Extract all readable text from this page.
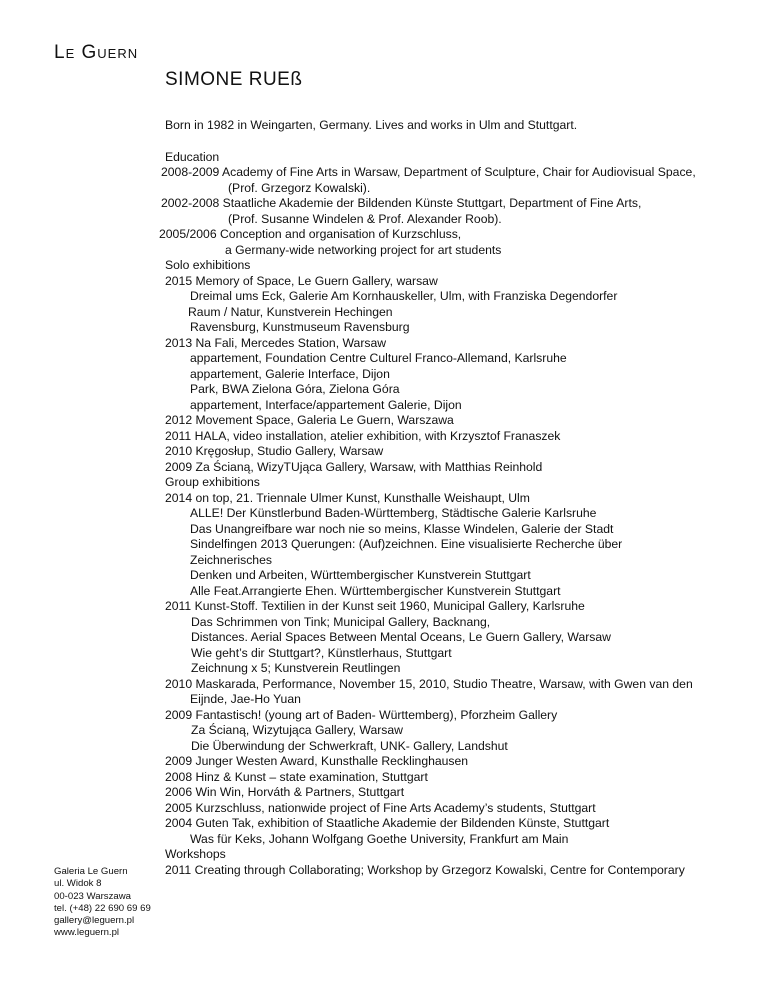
Le Guern
SIMONE RUEß

Born in 1982 in Weingarten, Germany. Lives and works in Ulm and Stuttgart.

Education
2008-2009 Academy of Fine Arts in Warsaw, Department of Sculpture, Chair for Audiovisual Space,
(Prof. Grzegorz Kowalski).
2002-2008 Staatliche Akademie der Bildenden Künste Stuttgart, Department of Fine Arts,
(Prof. Susanne Windelen & Prof. Alexander Roob).
2005/2006 Conception and organisation of Kurzschluss,
a Germany-wide networking project for art students
Solo exhibitions
2015 Memory of Space, Le Guern Gallery, warsaw
Dreimal ums Eck, Galerie Am Kornhauskeller, Ulm, with Franziska Degendorfer
Raum / Natur, Kunstverein Hechingen
Ravensburg, Kunstmuseum Ravensburg
2013 Na Fali, Mercedes Station, Warsaw
appartement, Foundation Centre Culturel Franco-Allemand, Karlsruhe
appartement, Galerie Interface, Dijon
Park, BWA Zielona Góra, Zielona Góra
appartement, Interface/appartement Galerie, Dijon
2012 Movement Space, Galeria Le Guern, Warszawa
2011 HALA, video installation, atelier exhibition, with Krzysztof Franaszek
2010 Kręgosłup, Studio Gallery, Warsaw
2009 Za Ścianą, WizyTUjąca Gallery, Warsaw, with Matthias Reinhold
Group exhibitions
2014 on top, 21. Triennale Ulmer Kunst, Kunsthalle Weishaupt, Ulm
ALLE! Der Künstlerbund Baden-Württemberg, Städtische Galerie Karlsruhe
Das Unangreifbare war noch nie so meins, Klasse Windelen, Galerie der Stadt
Sindelfingen 2013 Querungen: (Auf)zeichnen. Eine visualisierte Recherche über
Zeichnerisches
Denken und Arbeiten, Württembergischer Kunstverein Stuttgart
Alle Feat.Arrangierte Ehen. Württembergischer Kunstverein Stuttgart
2011 Kunst-Stoff. Textilien in der Kunst seit 1960, Municipal Gallery, Karlsruhe
Das Schrimmen von Tink; Municipal Gallery, Backnang,
Distances. Aerial Spaces Between Mental Oceans, Le Guern Gallery, Warsaw
Wie geht’s dir Stuttgart?, Künstlerhaus, Stuttgart
Zeichnung x 5; Kunstverein Reutlingen
2010 Maskarada, Performance, November 15, 2010, Studio Theatre, Warsaw, with Gwen van den
Eijnde, Jae-Ho Yuan
2009 Fantastisch! (young art of Baden- Württemberg), Pforzheim Gallery
Za Ścianą, Wizytująca Gallery, Warsaw
Die Überwindung der Schwerkraft, UNK- Gallery, Landshut
2009 Junger Westen Award, Kunsthalle Recklinghausen
2008 Hinz & Kunst – state examination, Stuttgart
2006 Win Win, Horváth & Partners, Stuttgart
2005 Kurzschluss, nationwide project of Fine Arts Academy’s students, Stuttgart
2004 Guten Tak, exhibition of Staatliche Akademie der Bildenden Künste, Stuttgart
Was für Keks, Johann Wolfgang Goethe University, Frankfurt am Main
Workshops
2011 Creating through Collaborating; Workshop by Grzegorz Kowalski, Centre for Contemporary
Galeria Le Guern
ul. Widok 8
00-023 Warszawa
tel. (+48) 22 690 69 69
gallery@leguern.pl
www.leguern.pl
